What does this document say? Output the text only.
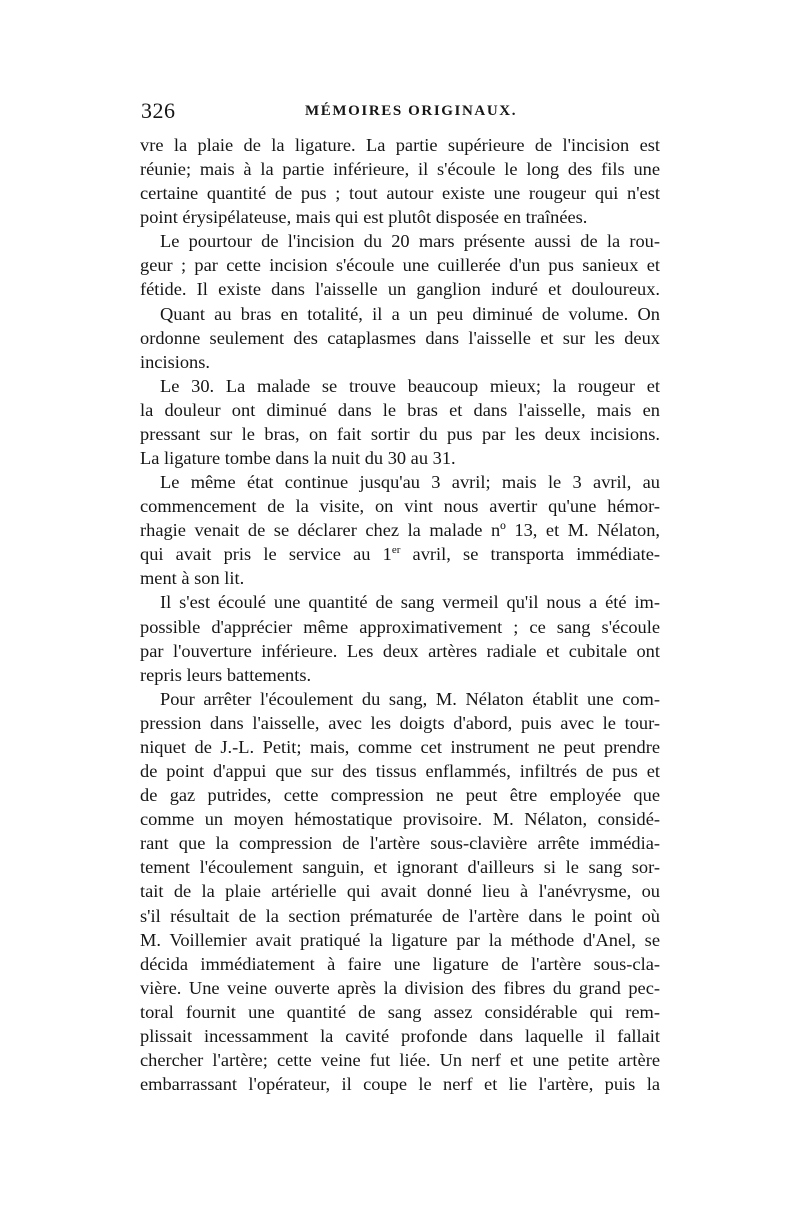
326	MÉMOIRES ORIGINAUX.
vre la plaie de la ligature. La partie supérieure de l'incision est
réunie; mais à la partie inférieure, il s'écoule le long des fils une
certaine quantité de pus ; tout autour existe une rougeur qui n'est
point érysipélateuse, mais qui est plutôt disposée en traînées.
Le pourtour de l'incision du 20 mars présente aussi de la rou-
geur ; par cette incision s'écoule une cuillerée d'un pus sanieux et
fétide. Il existe dans l'aisselle un ganglion induré et douloureux.
Quant au bras en totalité, il a un peu diminué de volume. On
ordonne seulement des cataplasmes dans l'aisselle et sur les deux
incisions.
Le 30. La malade se trouve beaucoup mieux; la rougeur et
la douleur ont diminué dans le bras et dans l'aisselle, mais en
pressant sur le bras, on fait sortir du pus par les deux incisions.
La ligature tombe dans la nuit du 30 au 31.
Le même état continue jusqu'au 3 avril; mais le 3 avril, au
commencement de la visite, on vint nous avertir qu'une hémor-
rhagie venait de se déclarer chez la malade nº 13, et M. Nélaton,
qui avait pris le service au 1er avril, se transporta immédiate-
ment à son lit.
Il s'est écoulé une quantité de sang vermeil qu'il nous a été im-
possible d'apprécier même approximativement ; ce sang s'écoule
par l'ouverture inférieure. Les deux artères radiale et cubitale ont
repris leurs battements.
Pour arrêter l'écoulement du sang, M. Nélaton établit une com-
pression dans l'aisselle, avec les doigts d'abord, puis avec le tour-
niquet de J.-L. Petit; mais, comme cet instrument ne peut prendre
de point d'appui que sur des tissus enflammés, infiltrés de pus et
de gaz putrides, cette compression ne peut être employée que
comme un moyen hémostatique provisoire. M. Nélaton, considé-
rant que la compression de l'artère sous-clavière arrête immédia-
tement l'écoulement sanguin, et ignorant d'ailleurs si le sang sor-
tait de la plaie artérielle qui avait donné lieu à l'anévrysme, ou
s'il résultait de la section prématurée de l'artère dans le point où
M. Voillemier avait pratiqué la ligature par la méthode d'Anel, se
décida immédiatement à faire une ligature de l'artère sous-cla-
vière. Une veine ouverte après la division des fibres du grand pec-
toral fournit une quantité de sang assez considérable qui rem-
plissait incessamment la cavité profonde dans laquelle il fallait
chercher l'artère; cette veine fut liée. Un nerf et une petite artère
embarrassant l'opérateur, il coupe le nerf et lie l'artère, puis la
